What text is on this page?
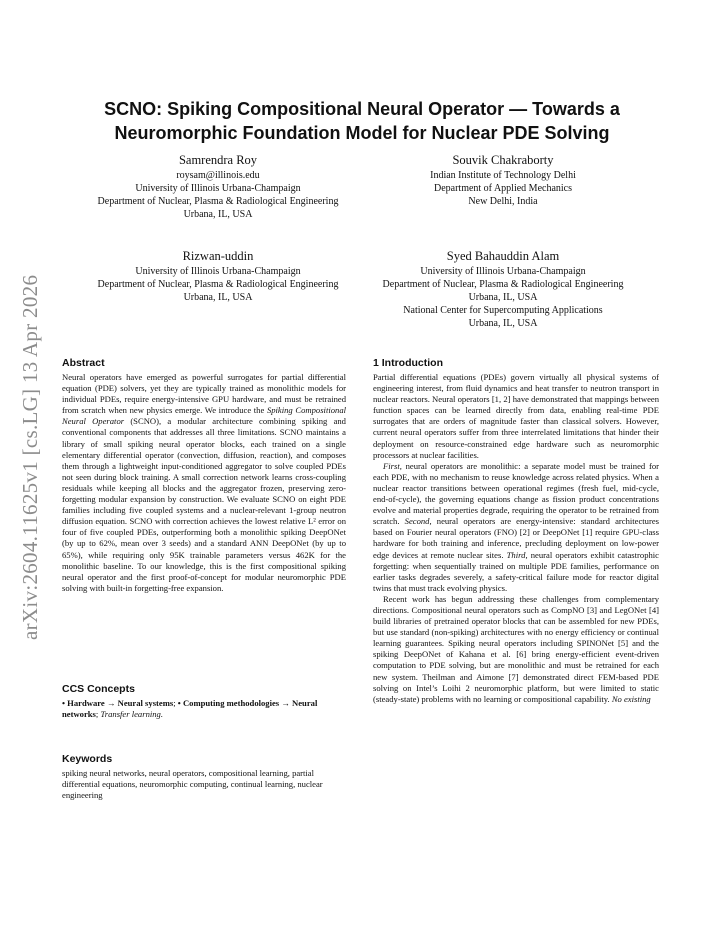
arXiv:2604.11625v1 [cs.LG] 13 Apr 2026
SCNO: Spiking Compositional Neural Operator — Towards a Neuromorphic Foundation Model for Nuclear PDE Solving
Samrendra Roy
roysam@illinois.edu
University of Illinois Urbana-Champaign
Department of Nuclear, Plasma & Radiological Engineering
Urbana, IL, USA
Souvik Chakraborty
Indian Institute of Technology Delhi
Department of Applied Mechanics
New Delhi, India
Rizwan-uddin
University of Illinois Urbana-Champaign
Department of Nuclear, Plasma & Radiological Engineering
Urbana, IL, USA
Syed Bahauddin Alam
University of Illinois Urbana-Champaign
Department of Nuclear, Plasma & Radiological Engineering
Urbana, IL, USA
National Center for Supercomputing Applications
Urbana, IL, USA
Abstract

Neural operators have emerged as powerful surrogates for partial differential equation (PDE) solvers, yet they are typically trained as monolithic models for individual PDEs, require energy-intensive GPU hardware, and must be retrained from scratch when new physics emerge. We introduce the Spiking Compositional Neural Operator (SCNO), a modular architecture combining spiking and conventional components that addresses all three limitations. SCNO maintains a library of small spiking neural operator blocks, each trained on a single elementary differential operator (convection, diffusion, reaction), and composes them through a lightweight input-conditioned aggregator to solve coupled PDEs not seen during block training. A small correction network learns cross-coupling residuals while keeping all blocks and the aggregator frozen, preserving zero-forgetting modular expansion by construction. We evaluate SCNO on eight PDE families including five coupled systems and a nuclear-relevant 1-group neutron diffusion equation. SCNO with correction achieves the lowest relative L² error on four of five coupled PDEs, outperforming both a monolithic spiking DeepONet (by up to 62%, mean over 3 seeds) and a standard ANN DeepONet (by up to 65%), while requiring only 95K trainable parameters versus 462K for the monolithic baseline. To our knowledge, this is the first compositional spiking neural operator and the first proof-of-concept for modular neuromorphic PDE solving with built-in forgetting-free expansion.

CCS Concepts

• Hardware → Neural systems; • Computing methodologies → Neural networks; Transfer learning.

Keywords

spiking neural networks, neural operators, compositional learning, partial differential equations, neuromorphic computing, continual learning, nuclear engineering

1 Introduction

Partial differential equations (PDEs) govern virtually all physical systems of engineering interest, from fluid dynamics and heat transfer to neutron transport in nuclear reactors. Neural operators [1, 2] have demonstrated that mappings between function spaces can be learned directly from data, enabling real-time PDE surrogates that are orders of magnitude faster than classical solvers. However, current neural operators suffer from three interrelated limitations that hinder their deployment on resource-constrained edge hardware such as neuromorphic processors at nuclear facilities.

First, neural operators are monolithic: a separate model must be trained for each PDE, with no mechanism to reuse knowledge across related physics. When a nuclear reactor transitions between operational regimes (fresh fuel, mid-cycle, end-of-cycle), the governing equations change as fission product concentrations evolve and material properties degrade, requiring the operator to be retrained from scratch. Second, neural operators are energy-intensive: standard architectures based on Fourier neural operators (FNO) [2] or DeepONet [1] require GPU-class hardware for both training and inference, precluding deployment on low-power edge devices at remote nuclear sites. Third, neural operators exhibit catastrophic forgetting: when sequentially trained on multiple PDE families, performance on earlier tasks degrades severely, a safety-critical failure mode for reactor digital twins that must track evolving physics.

Recent work has begun addressing these challenges from complementary directions. Compositional neural operators such as CompNO [3] and LegONet [4] build libraries of pretrained operator blocks that can be assembled for new PDEs, but use standard (non-spiking) architectures with no energy efficiency or continual learning guarantees. Spiking neural operators including SPINONet [5] and the spiking DeepONet of Kahana et al. [6] bring energy-efficient event-driven computation to PDE solving, but are monolithic and must be retrained for each new system. Theilman and Aimone [7] demonstrated direct FEM-based PDE solving on Intel’s Loihi 2 neuromorphic platform, but were limited to static (steady-state) problems with no learning or compositional capability. No existing
